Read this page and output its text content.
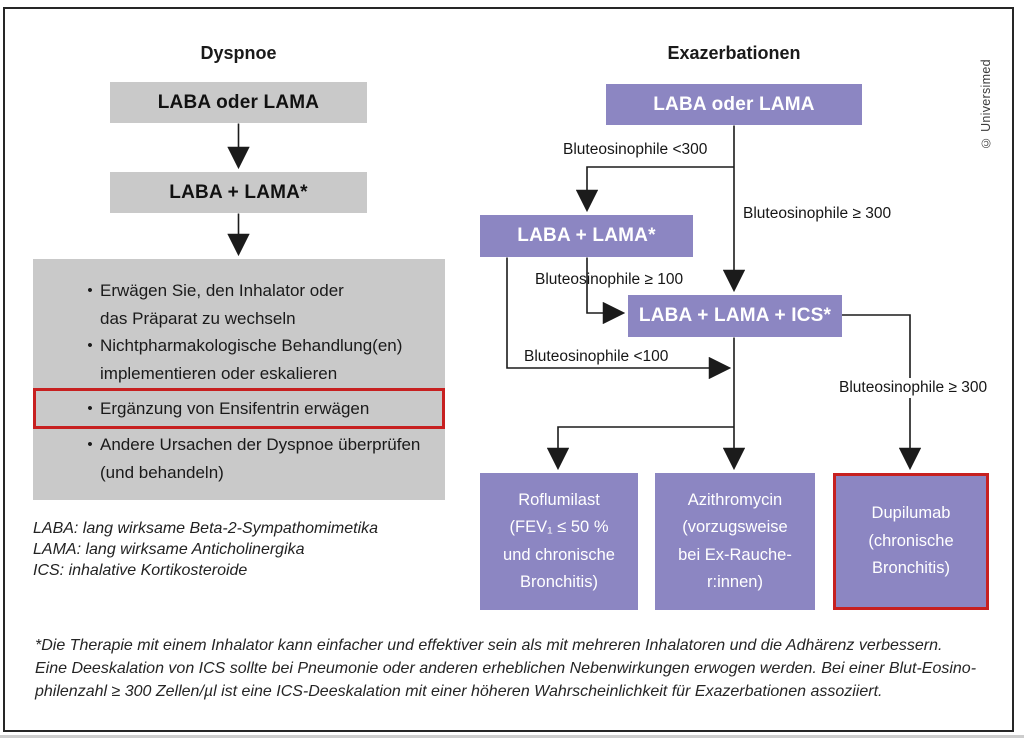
Dyspnoe	Exazerbationen
LABA oder LAMA
LABA + LAMA*
• Erwägen Sie, den Inhalator oder
das Präparat zu wechseln
• Nichtpharmakologische Behandlung(en)
implementieren oder eskalieren
• Ergänzung von Ensifentrin erwägen
• Andere Ursachen der Dyspnoe überprüfen
(und behandeln)
LABA: lang wirksame Beta-2-Sympathomimetika
LAMA: lang wirksame Anticholinergika
ICS: inhalative Kortikosteroide
LABA oder LAMA
LABA + LAMA*
LABA + LAMA + ICS*
Bluteosinophile <300
Bluteosinophile ≥ 300
Bluteosinophile ≥ 100
Bluteosinophile <100
Bluteosinophile ≥ 300
Roflumilast
(FEV₁ ≤ 50 %
und chronische
Bronchitis)
Azithromycin
(vorzugsweise
bei Ex-Rauche-
r:innen)
Dupilumab
(chronische
Bronchitis)
*Die Therapie mit einem Inhalator kann einfacher und effektiver sein als mit mehreren Inhalatoren und die Adhärenz verbessern.
Eine Deeskalation von ICS sollte bei Pneumonie oder anderen erheblichen Nebenwirkungen erwogen werden. Bei einer Blut-Eosino-
philenzahl ≥ 300 Zellen/µl ist eine ICS-Deeskalation mit einer höheren Wahrscheinlichkeit für Exazerbationen assoziiert.
© Universimed
